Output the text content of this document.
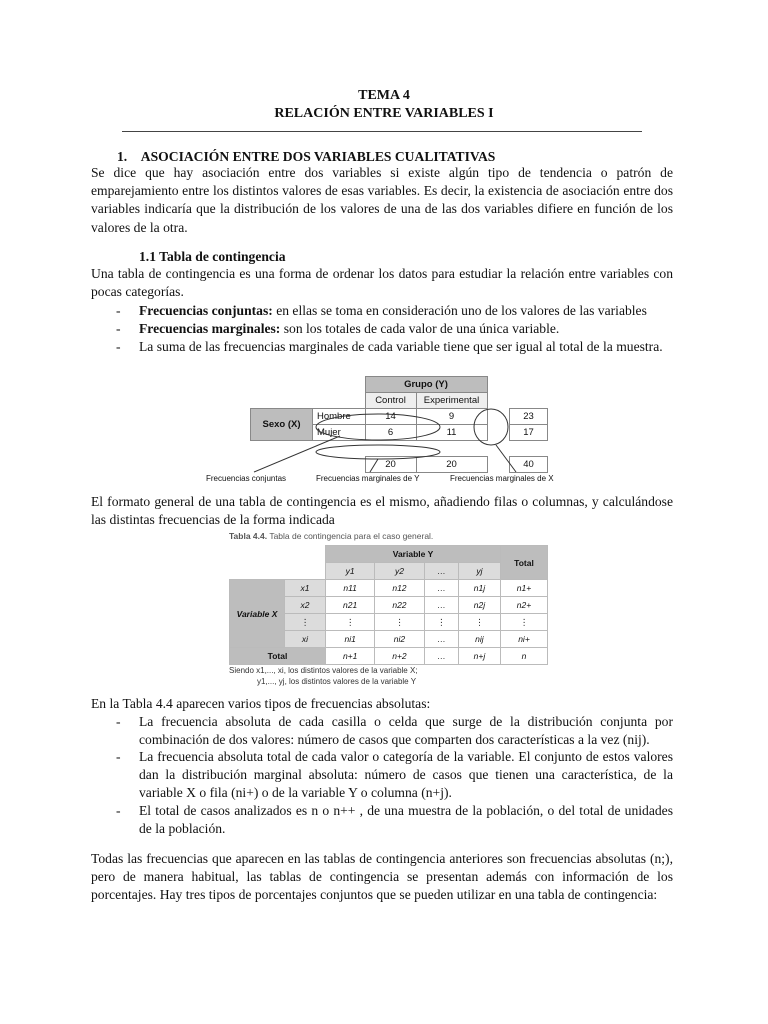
TEMA 4
RELACIÓN ENTRE VARIABLES I
1. ASOCIACIÓN ENTRE DOS VARIABLES CUALITATIVAS

Se dice que hay asociación entre dos variables si existe algún tipo de tendencia o patrón de emparejamiento entre los distintos valores de esas variables. Es decir, la existencia de asociación entre dos variables indicaría que la distribución de los valores de una de las dos variables difiere en función de los valores de la otra.

1.1 Tabla de contingencia

Una tabla de contingencia es una forma de ordenar los datos para estudiar la relación entre variables con pocas categorías.

- Frecuencias conjuntas: en ellas se toma en consideración uno de los valores de las variables
- Frecuencias marginales: son los totales de cada valor de una única variable.
- La suma de las frecuencias marginales de cada variable tiene que ser igual al total de la muestra.
		Grupo (Y)			
		Control	Experimental		
Sexo (X)	Hombre	14	9		23
	Mujer	6	11		17

		20	20		40
Frecuencias conjuntas	Frecuencias marginales de Y	Frecuencias marginales de X

El formato general de una tabla de contingencia es el mismo, añadiendo filas o columnas, y calculándose las distintas frecuencias de la forma indicada

Tabla 4.4. Tabla de contingencia para el caso general.
		Variable Y				Total
		y1	y2	…	yj	
Variable X	x1	n11	n12	…	n1j	n1+
	x2	n21	n22	…	n2j	n2+
	⋮	⋮	⋮	⋮	⋮	⋮
	xi	ni1	ni2	…	nij	ni+
Total		n+1	n+2	…	n+j	n
Siendo x1,..., xi, los distintos valores de la variable X;
y1,..., yj, los distintos valores de la variable Y

En la Tabla 4.4 aparecen varios tipos de frecuencias absolutas:

- La frecuencia absoluta de cada casilla o celda que surge de la distribución conjunta por combinación de dos valores: número de casos que comparten dos características a la vez (nij).
- La frecuencia absoluta total de cada valor o categoría de la variable. El conjunto de estos valores dan la distribución marginal absoluta: número de casos que tienen una característica, de la variable X o fila (ni+) o de la variable Y o columna (n+j).
- El total de casos analizados es n o n++ , de una muestra de la población, o del total de unidades de la población.

Todas las frecuencias que aparecen en las tablas de contingencia anteriores son frecuencias absolutas (n;), pero de manera habitual, las tablas de contingencia se presentan además con información de los porcentajes. Hay tres tipos de porcentajes conjuntos que se pueden utilizar en una tabla de contingencia:
